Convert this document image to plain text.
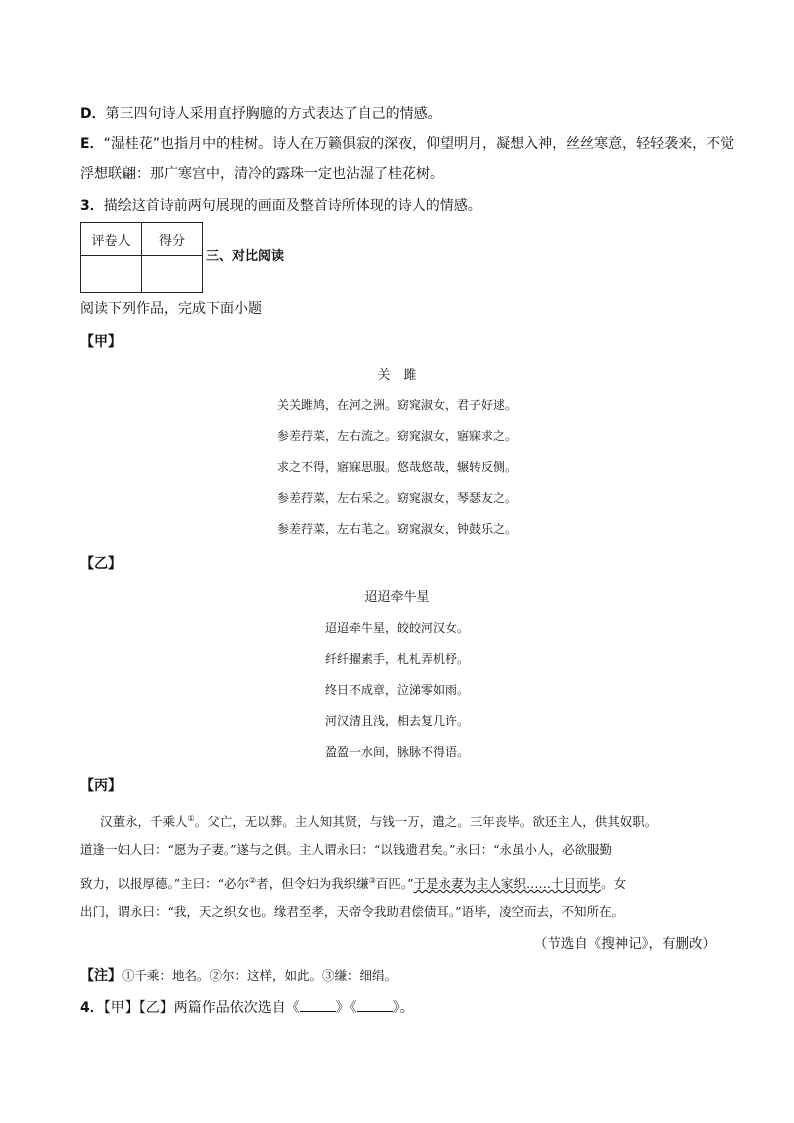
D．第三四句诗人采用直抒胸臆的方式表达了自己的情感。
E．“湿桂花”也指月中的桂树。诗人在万籁俱寂的深夜，仰望明月，凝想入神，丝丝寒意，轻轻袭来，不觉
浮想联翩：那广寒宫中，清冷的露珠一定也沾湿了桂花树。
3．描绘这首诗前两句展现的画面及整首诗所体现的诗人的情感。
评卷人	得分

三、对比阅读
阅读下列作品，完成下面小题
【甲】
关　雎
关关雎鸠，在河之洲。窈窕淑女，君子好逑。
参差荇菜，左右流之。窈窕淑女，寤寐求之。
求之不得，寤寐思服。悠哉悠哉，辗转反侧。
参差荇菜，左右采之。窈窕淑女，琴瑟友之。
参差荇菜，左右芼之。窈窕淑女，钟鼓乐之。
【乙】
迢迢牵牛星
迢迢牵牛星，皎皎河汉女。
纤纤擢素手，札札弄机杼。
终日不成章，泣涕零如雨。
河汉清且浅，相去复几许。
盈盈一水间，脉脉不得语。
【丙】
汉董永，千乘人①。父亡，无以葬。主人知其贤，与钱一万，遣之。三年丧毕。欲还主人，供其奴职。
道逢一妇人曰：“愿为子妻。”遂与之俱。主人谓永曰：“以钱遗君矣。”永曰：“永虽小人，必欲服勤
致力，以报厚德。”主曰：“必尔②者，但令妇为我织缣③百匹。”于是永妻为主人家织……十日而毕。女
出门，谓永曰：“我，天之织女也。缘君至孝，天帝令我助君偿债耳。”语毕，凌空而去，不知所在。
（节选自《搜神记》，有删改）
【注】①千乘：地名。②尔：这样，如此。③缣：细绢。
4．【甲】【乙】两篇作品依次选自《	》《	》。
